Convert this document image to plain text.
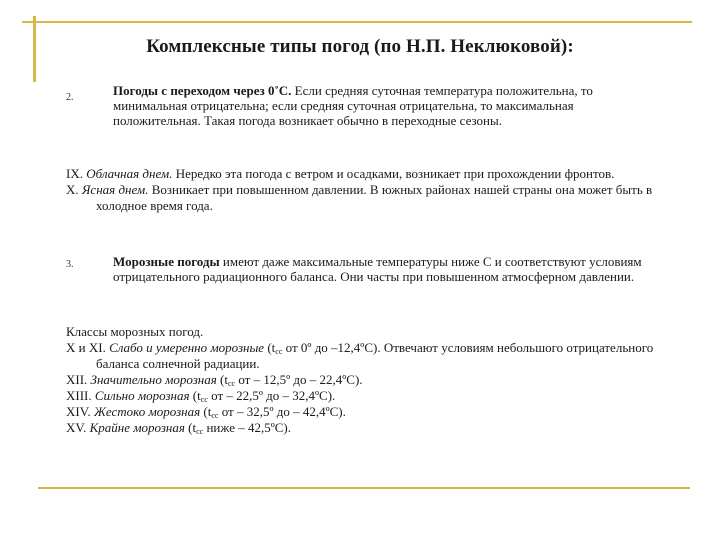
Комплексные типы погод (по Н.П. Неклюковой):
2.	Погоды с переходом через 0˚С. Если средняя суточная температура положительна, то минимальная отрицательна; если средняя суточная отрицательна, то максимальная положительная. Такая погода возникает обычно в переходные сезоны.
IX. Облачная днем. Нередко эта погода с ветром и осадками, возникает при прохождении фронтов.
X. Ясная днем. Возникает при повышенном давлении. В южных районах нашей страны она может быть в холодное время года.
3.	Морозные погоды имеют даже максимальные температуры ниже С и соответствуют условиям отрицательного радиационного баланса. Они часты при повышенном атмосферном давлении.
Классы морозных погод.
X и XI. Слабо и умеренно морозные ($t_{сс}$ от 0º до –12,4ºС). Отвечают условиям небольшого отрицательного баланса солнечной радиации.
XII. Значительно морозная ($t_{сс}$ от – 12,5º до – 22,4ºС).
XIII. Сильно морозная ($t_{сс}$ от – 22,5º до – 32,4ºС).
XIV. Жестоко морозная ($t_{сс}$ от – 32,5º до – 42,4ºС).
XV. Крайне морозная ($t_{сс}$ ниже – 42,5ºС).
